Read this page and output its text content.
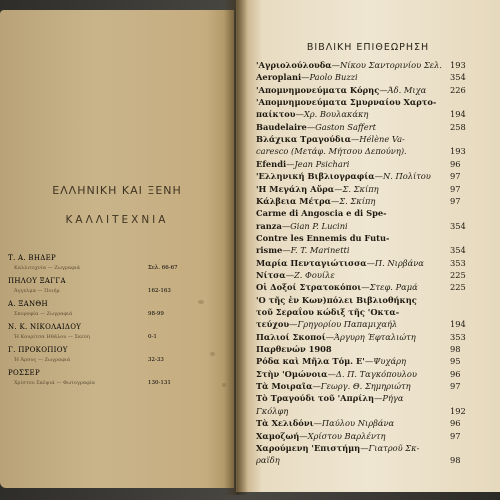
ΕΛΛΗΝΙΚΗ ΚΑΙ ΞΕΝΗ
ΚΑΛΛΙΤΕΧΝΙΑ
Τ. Α. ΒΗΔΕΡ
Καλλιτεχνία — Ζωγραφιά	Σελ. 66-67
ΠΗΛΟΥ ΞΑΓΓΑ
Άγγελμα — Ποιήμ	162-163
Α. ΞΑΝΘΗ
Σκυροφία — Ζωγραφιά	98-99
Ν. Κ. ΝΙΚΟΛΑΙΔΟΥ
Ἡ Κουρίτσα Ηθάλου — Σκεύη	0-1
Γ. ΠΡΟΚΟΠΙΟΥ
Ἡ Άρσος — Ζωγραφιά	32-33
ΡΟΣΣΕΡ
Χρίστου Σκέψιά — Φωτογραφία	130-131
ΒΙΒΛΙΚΗ ΕΠΙΘΕΩΡΗΣΗ
'Αγριολούλουδα—Νίκου Σαντορινίου Σελ. 193
Aeroplani—Paolo Buzzi	354
'Απομνημονεύματα Κόρης—Άδ. Μιχα	226
'Απομνημονεύματα Σμυρναίου Χαρτο-
παίκτου—Χρ. Βουλακάκη	194
Baudelaire—Gaston Saffert	258
Βλάχικα Τραγούδια—Hélène Va-
caresco (Μετάφ. Μήτσου Δεπούνη).	193
Efendi—Jean Psichari	96
'Ελληνική Βιβλιογραφία—Ν. Πολίτου	97
'Η Μεγάλη Αὔρα—Σ. Σκίπη	97
Κάλβεια Μέτρα—Σ. Σκίπη	97
Carme di Angoscia e di Spe-
ranza—Gian P. Lucini	354
Contre les Ennemis du Futu-
risme—F. T. Marinetti	354
Μαρία Πενταγιώτισσα—Π. Νιρβάνα	353
Νίτσα—Ζ. Φουίλε	225
Οἱ Δοξοί Στρατοκόποι—Στεφ. Ραμά	225
'Ο τῆς ἐν Κων)πόλει Βιβλιοθήκης
τοῦ Σεραΐου κώδιξ τῆς 'Οκτα-
τεύχου—Γρηγορίου Παπαμιχαήλ	194
Παλιοί Σκοποί—Άργυρη Έφταλιώτη	353
Παρθενών 1908	98
Ρόδα καὶ Μῆλα Τόμ. Ε'—Ψυχάρη	95
Στὴν 'Ομώνοια—Δ. Π. Ταγκόπουλου	96
Τὰ Μοιραῖα—Γεωργ. Θ. Σημηριώτη	97
Τὸ Τραγούδι τοῦ 'Απρίλη—Ρήγα
Γκόλφη	192
Τὰ Χελιδόνι—Παύλου Νιρβάνα	96
Χαμοζωή—Χρίστου Βαρλέντη	97
Χαρούμενη 'Επιστήμη—Γιατροῦ Σκ-
ραϊδη	98
